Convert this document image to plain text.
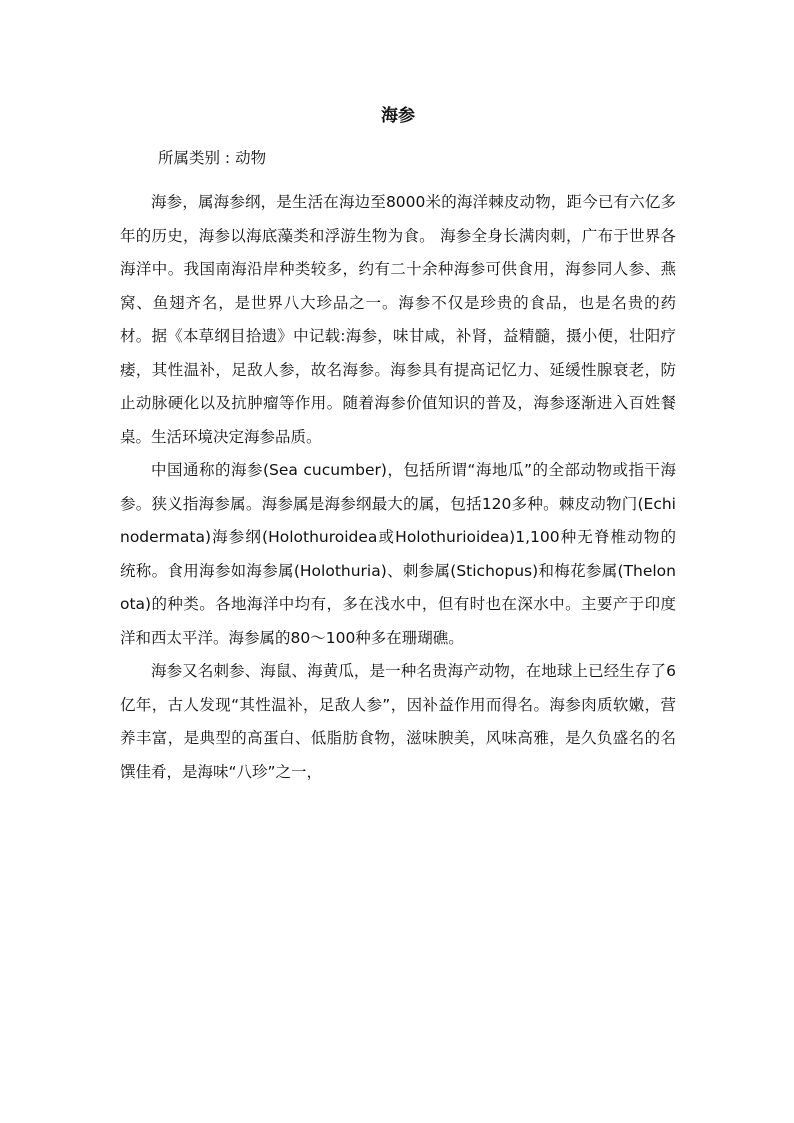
海参

所属类别 : 动物

海参，属海参纲，是生活在海边至8000米的海洋棘皮动物，距今已有六亿多年的历史，海参以海底藻类和浮游生物为食。 海参全身长满肉刺，广布于世界各海洋中。我国南海沿岸种类较多，约有二十余种海参可供食用，海参同人参、燕窝、鱼翅齐名，是世界八大珍品之一。海参不仅是珍贵的食品，也是名贵的药材。据《本草纲目拾遗》中记载:海参，味甘咸，补肾，益精髓，摄小便，壮阳疗痿，其性温补，足敌人参，故名海参。海参具有提高记忆力、延缓性腺衰老，防止动脉硬化以及抗肿瘤等作用。随着海参价值知识的普及，海参逐渐进入百姓餐桌。生活环境决定海参品质。

中国通称的海参(Sea cucumber)，包括所谓“海地瓜”的全部动物或指干海参。狭义指海参属。海参属是海参纲最大的属，包括120多种。棘皮动物门(Echinodermata)海参纲(Holothuroidea或Holothurioidea)1,100种无脊椎动物的统称。食用海参如海参属(Holothuria)、刺参属(Stichopus)和梅花参属(Thelonota)的种类。各地海洋中均有，多在浅水中，但有时也在深水中。主要产于印度洋和西太平洋。海参属的80～100种多在珊瑚礁。

海参又名刺参、海鼠、海黄瓜，是一种名贵海产动物，在地球上已经生存了6亿年，古人发现“其性温补，足敌人参”，因补益作用而得名。海参肉质软嫩，营养丰富，是典型的高蛋白、低脂肪食物，滋味腴美，风味高雅，是久负盛名的名馔佳肴，是海味“八珍”之一，
